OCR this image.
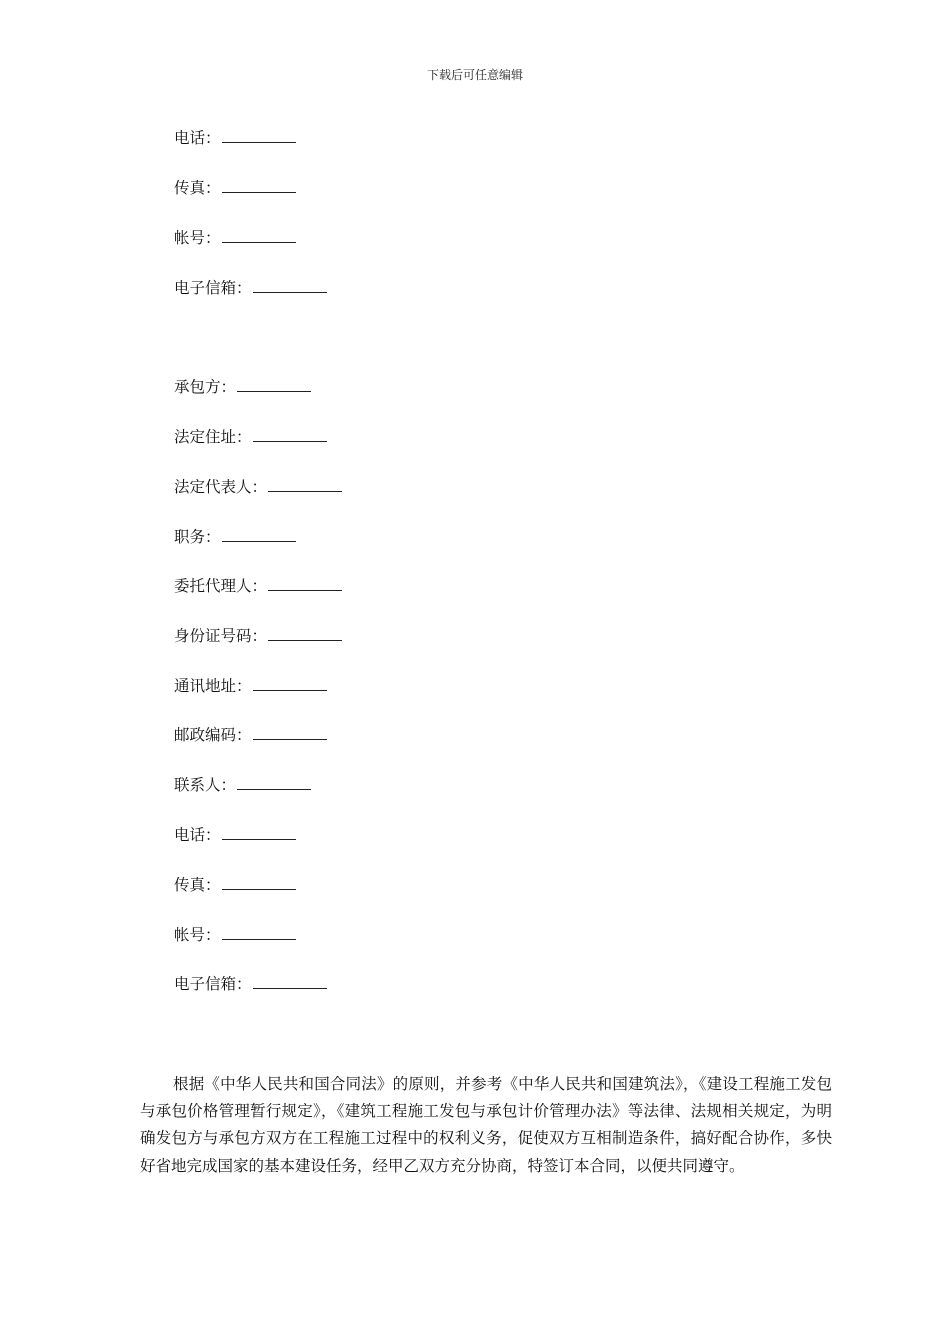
下载后可任意编辑
电话：
传真：
帐号：
电子信箱：
承包方：
法定住址：
法定代表人：
职务：
委托代理人：
身份证号码：
通讯地址：
邮政编码：
联系人：
电话：
传真：
帐号：
电子信箱：
根据《中华人民共和国合同法》的原则，并参考《中华人民共和国建筑法》，《建设工程施工发包与承包价格管理暂行规定》，《建筑工程施工发包与承包计价管理办法》等法律、法规相关规定，为明确发包方与承包方双方在工程施工过程中的权利义务，促使双方互相制造条件，搞好配合协作，多快好省地完成国家的基本建设任务，经甲乙双方充分协商，特签订本合同，以便共同遵守。
